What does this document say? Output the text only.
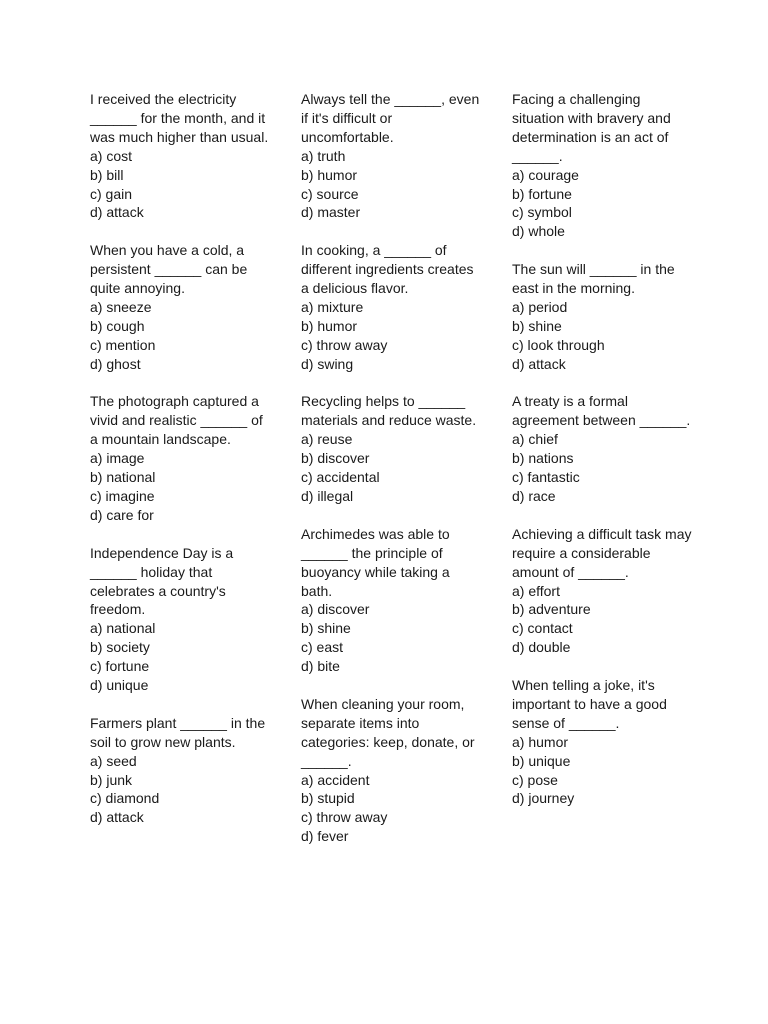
I received the electricity ______ for the month, and it was much higher than usual.
a) cost
b) bill
c) gain
d) attack
When you have a cold, a persistent ______ can be quite annoying.
a) sneeze
b) cough
c) mention
d) ghost
The photograph captured a vivid and realistic ______ of a mountain landscape.
a) image
b) national
c) imagine
d) care for
Independence Day is a ______ holiday that celebrates a country's freedom.
a) national
b) society
c) fortune
d) unique
Farmers plant ______ in the soil to grow new plants.
a) seed
b) junk
c) diamond
d) attack
Always tell the ______, even if it's difficult or uncomfortable.
a) truth
b) humor
c) source
d) master
In cooking, a ______ of different ingredients creates a delicious flavor.
a) mixture
b) humor
c) throw away
d) swing
Recycling helps to ______ materials and reduce waste.
a) reuse
b) discover
c) accidental
d) illegal
Archimedes was able to ______ the principle of buoyancy while taking a bath.
a) discover
b) shine
c) east
d) bite
When cleaning your room, separate items into categories: keep, donate, or ______.
a) accident
b) stupid
c) throw away
d) fever
Facing a challenging situation with bravery and determination is an act of ______.
a) courage
b) fortune
c) symbol
d) whole
The sun will ______ in the east in the morning.
a) period
b) shine
c) look through
d) attack
A treaty is a formal agreement between ______.
a) chief
b) nations
c) fantastic
d) race
Achieving a difficult task may require a considerable amount of ______.
a) effort
b) adventure
c) contact
d) double
When telling a joke, it's important to have a good sense of ______.
a) humor
b) unique
c) pose
d) journey
